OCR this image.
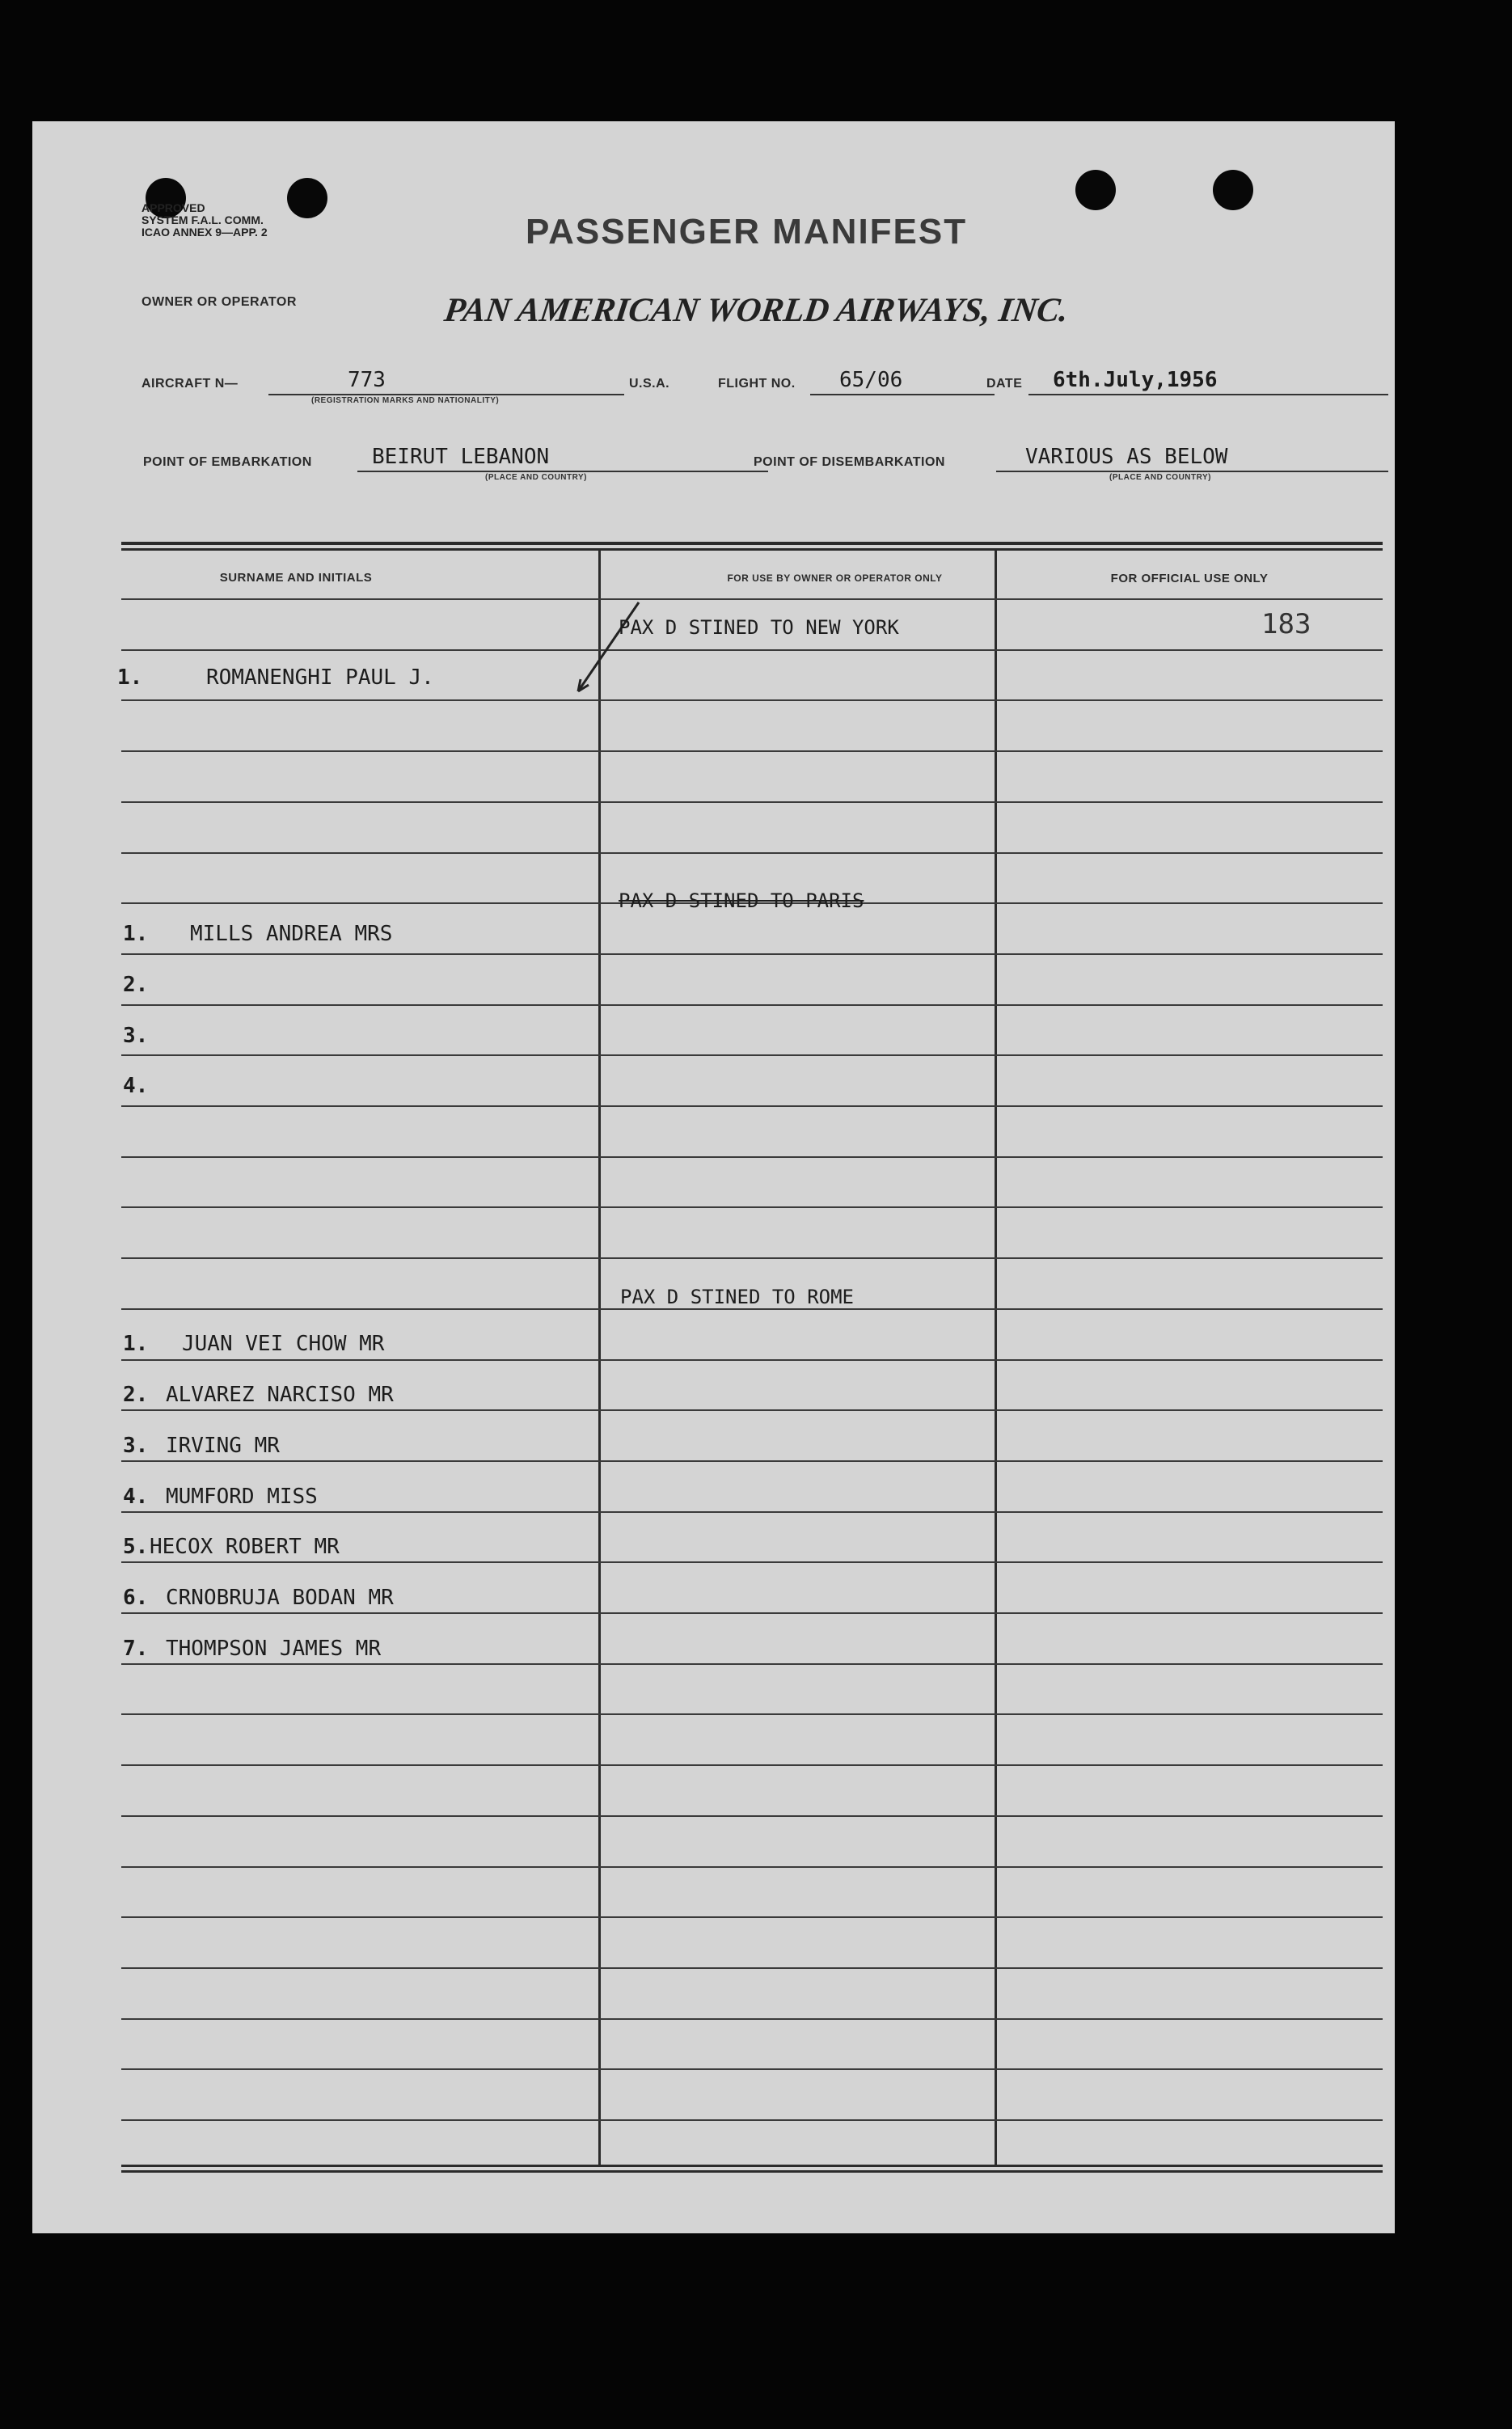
APPROVED
SYSTEM F.A.L. COMM.
ICAO ANNEX 9—APP. 2	PASSENGER MANIFEST
OWNER OR OPERATOR	PAN AMERICAN WORLD AIRWAYS, INC.
AIRCRAFT N—	773
(REGISTRATION MARKS AND NATIONALITY)
U.S.A.	FLIGHT NO. 65/06	DATE 6th.July,1956
POINT OF EMBARKATION	BEIRUT LEBANON
(PLACE AND COUNTRY)
POINT OF DISEMBARKATION	VARIOUS AS BELOW
(PLACE AND COUNTRY)
SURNAME AND INITIALS	FOR USE BY OWNER OR OPERATOR ONLY	FOR OFFICIAL USE ONLY
183
PAX D STINED TO NEW YORK
1.	ROMANENGHI PAUL J.
PAX D STINED TO PARIS
1. MILLS ANDREA MRS
2.
3.
4.
PAX D STINED TO ROME
1. JUAN VEI CHOW MR
2. ALVAREZ NARCISO MR
3. IRVING MR
4. MUMFORD MISS
5. HECOX ROBERT MR
6. CRNOBRUJA BODAN MR
7. THOMPSON JAMES MR
